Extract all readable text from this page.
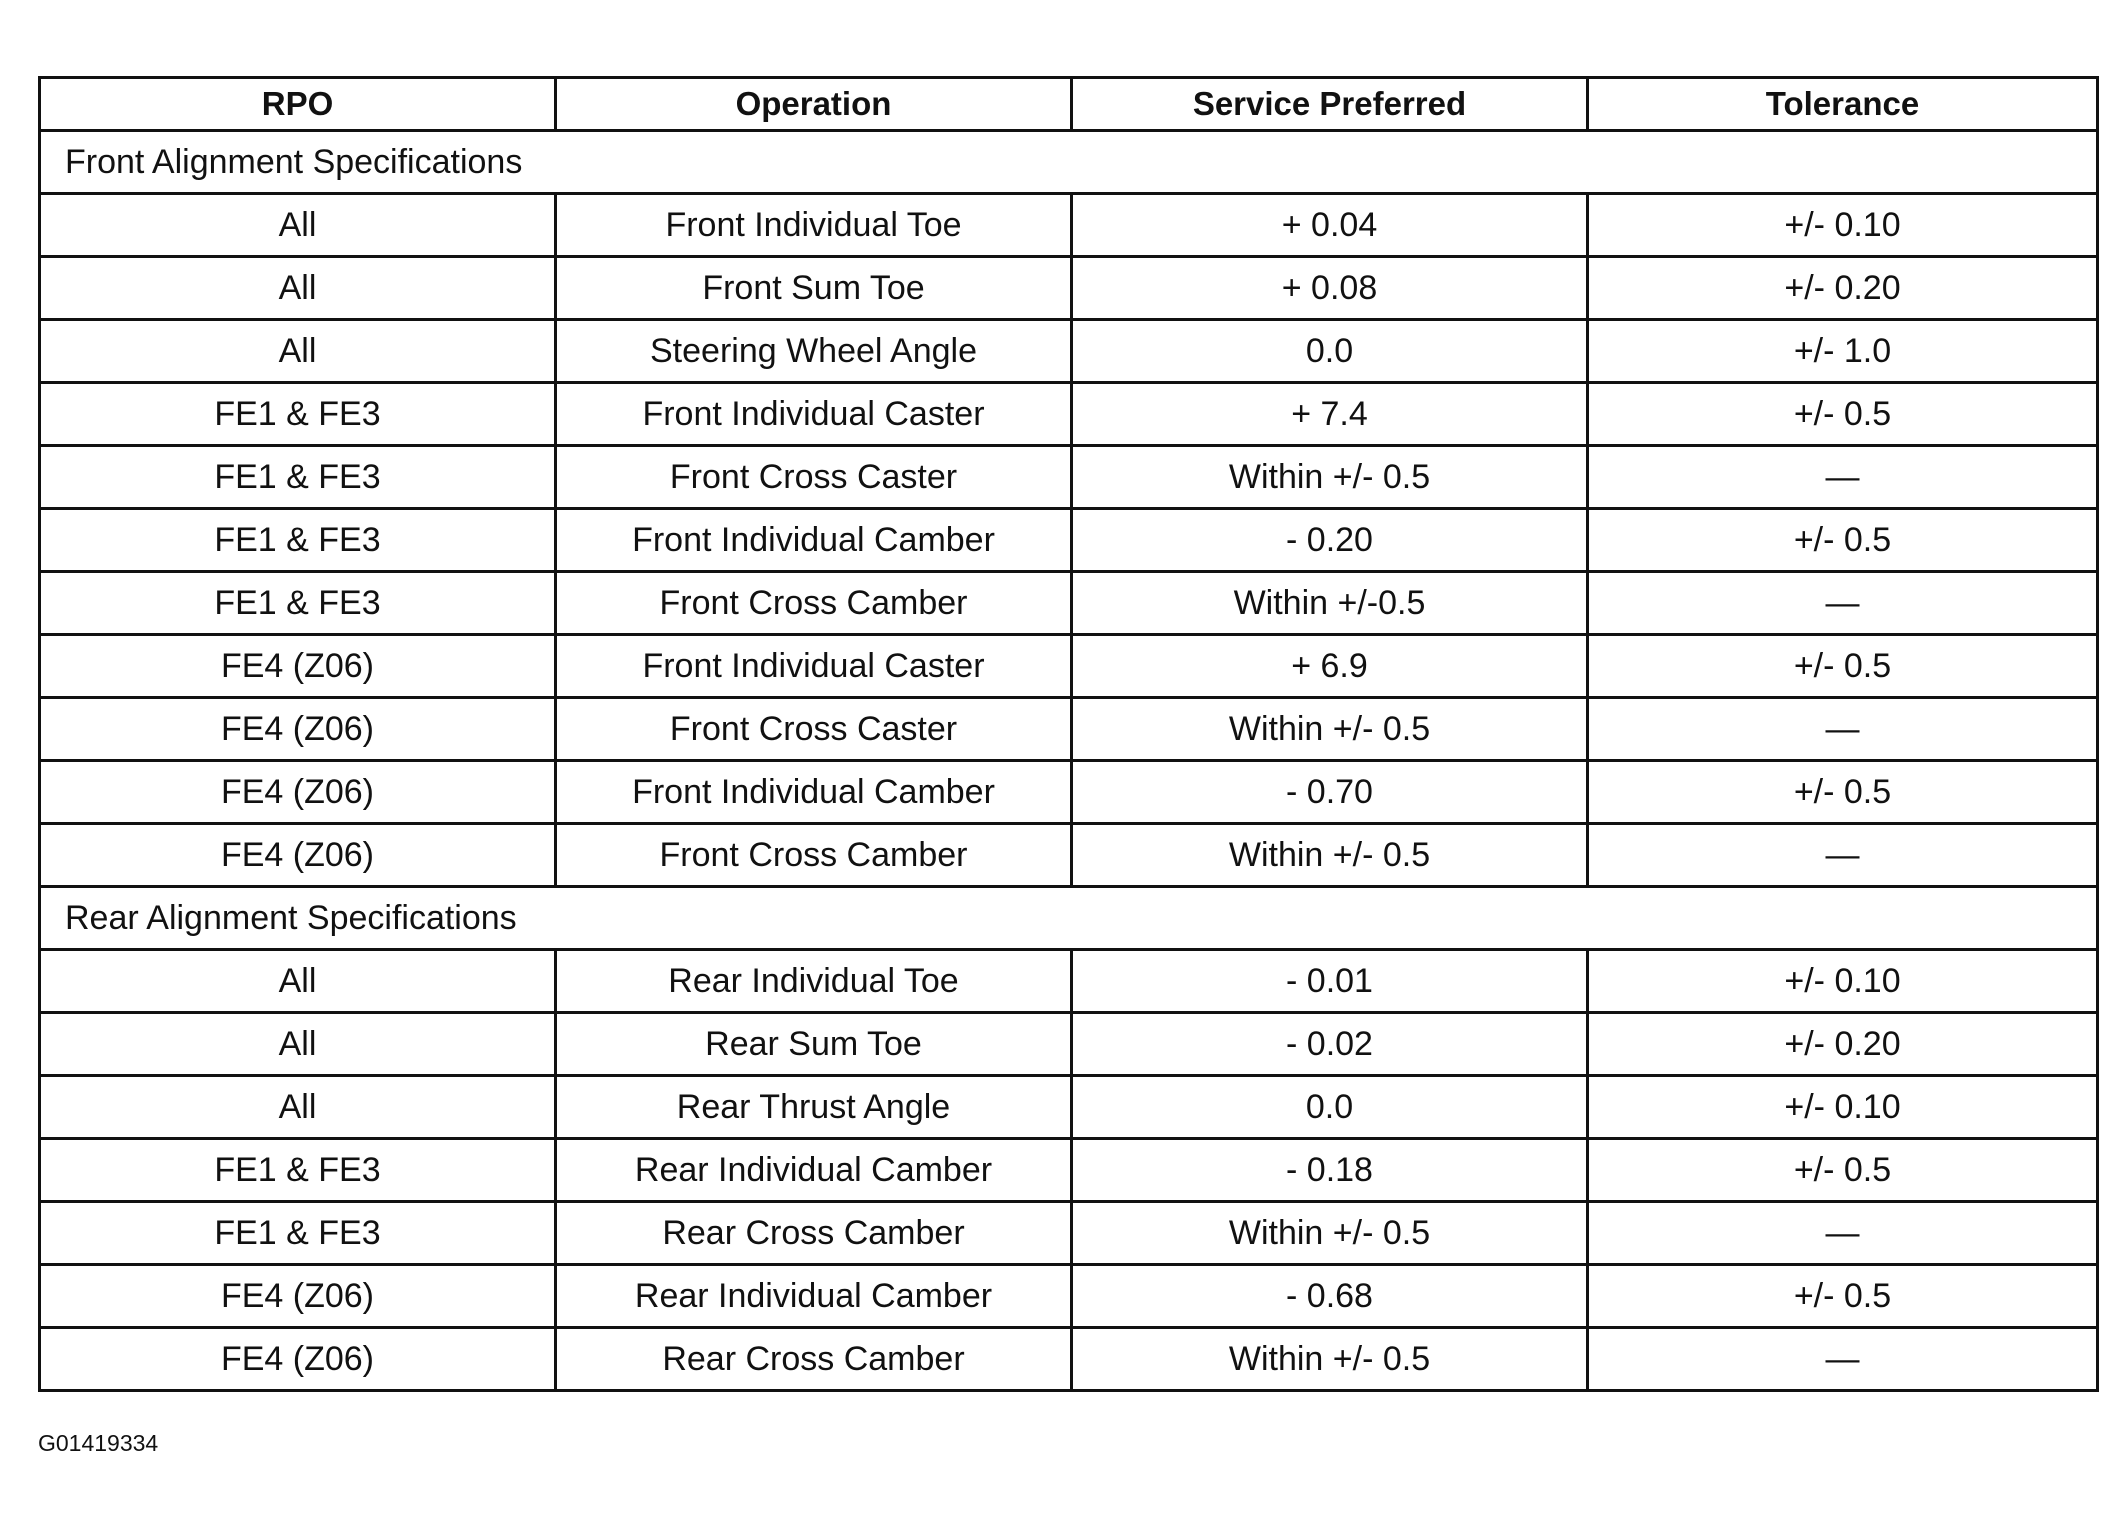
RPO	Operation	Service Preferred	Tolerance
Front Alignment Specifications			
All	Front Individual Toe	+ 0.04	+/- 0.10
All	Front Sum Toe	+ 0.08	+/- 0.20
All	Steering Wheel Angle	0.0	+/- 1.0
FE1 & FE3	Front Individual Caster	+ 7.4	+/- 0.5
FE1 & FE3	Front Cross Caster	Within +/- 0.5	—
FE1 & FE3	Front Individual Camber	- 0.20	+/- 0.5
FE1 & FE3	Front Cross Camber	Within +/-0.5	—
FE4 (Z06)	Front Individual Caster	+ 6.9	+/- 0.5
FE4 (Z06)	Front Cross Caster	Within +/- 0.5	—
FE4 (Z06)	Front Individual Camber	- 0.70	+/- 0.5
FE4 (Z06)	Front Cross Camber	Within +/- 0.5	—
Rear Alignment Specifications			
All	Rear Individual Toe	- 0.01	+/- 0.10
All	Rear Sum Toe	- 0.02	+/- 0.20
All	Rear Thrust Angle	0.0	+/- 0.10
FE1 & FE3	Rear Individual Camber	- 0.18	+/- 0.5
FE1 & FE3	Rear Cross Camber	Within +/- 0.5	—
FE4 (Z06)	Rear Individual Camber	- 0.68	+/- 0.5
FE4 (Z06)	Rear Cross Camber	Within +/- 0.5	—
G01419334
